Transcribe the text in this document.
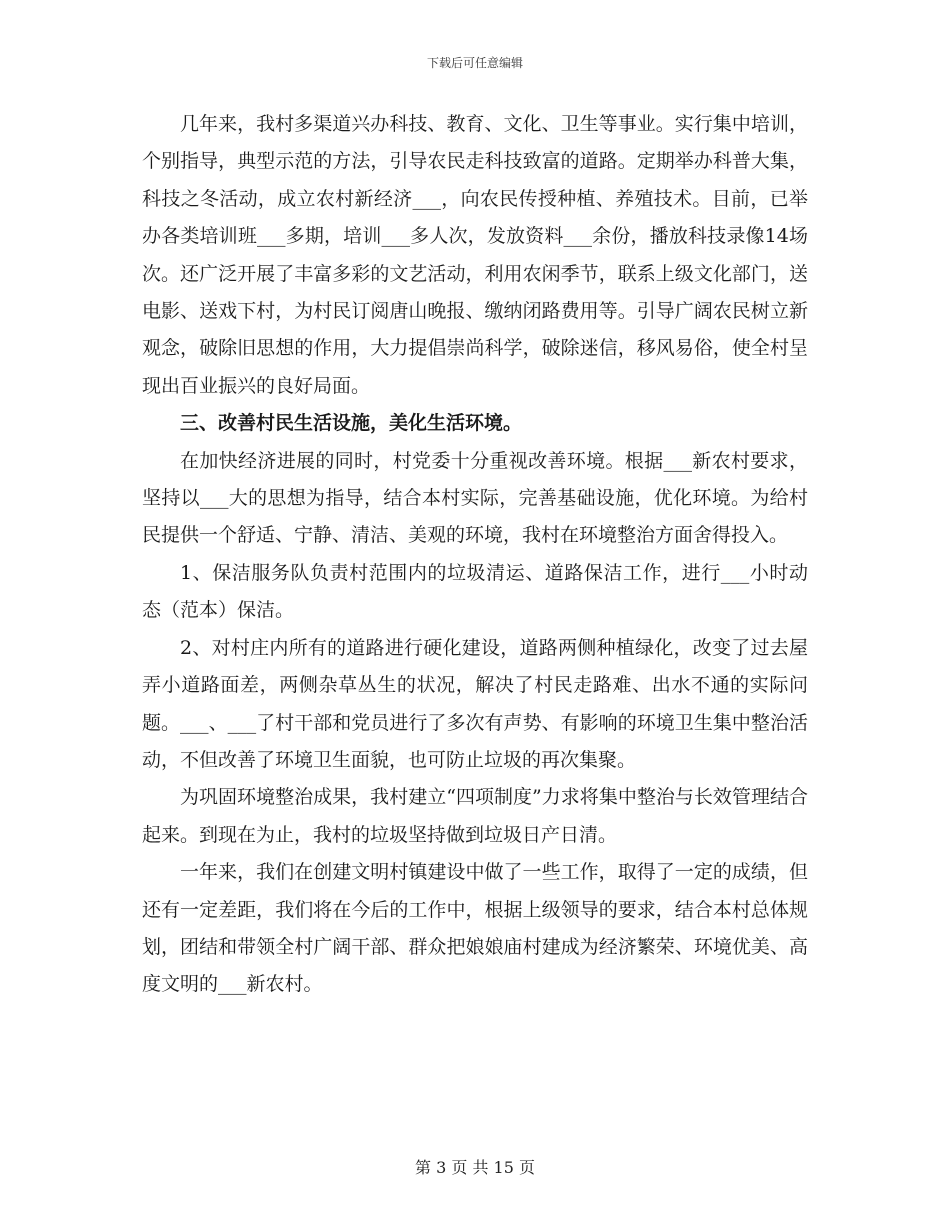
下载后可任意编辑

几年来，我村多渠道兴办科技、教育、文化、卫生等事业。实行集中培训，个别指导，典型示范的方法，引导农民走科技致富的道路。定期举办科普大集，科技之冬活动，成立农村新经济___，向农民传授种植、养殖技术。目前，已举办各类培训班___多期，培训___多人次，发放资料___余份，播放科技录像14场次。还广泛开展了丰富多彩的文艺活动，利用农闲季节，联系上级文化部门，送电影、送戏下村，为村民订阅唐山晚报、缴纳闭路费用等。引导广阔农民树立新观念，破除旧思想的作用，大力提倡崇尚科学，破除迷信，移风易俗，使全村呈现出百业振兴的良好局面。

三、改善村民生活设施，美化生活环境。

在加快经济进展的同时，村党委十分重视改善环境。根据___新农村要求，坚持以___大的思想为指导，结合本村实际，完善基础设施，优化环境。为给村民提供一个舒适、宁静、清洁、美观的环境，我村在环境整治方面舍得投入。

1、保洁服务队负责村范围内的垃圾清运、道路保洁工作，进行___小时动态（范本）保洁。

2、对村庄内所有的道路进行硬化建设，道路两侧种植绿化，改变了过去屋弄小道路面差，两侧杂草丛生的状况，解决了村民走路难、出水不通的实际问题。___、___了村干部和党员进行了多次有声势、有影响的环境卫生集中整治活动，不但改善了环境卫生面貌，也可防止垃圾的再次集聚。

为巩固环境整治成果，我村建立“四项制度”力求将集中整治与长效管理结合起来。到现在为止，我村的垃圾坚持做到垃圾日产日清。

一年来，我们在创建文明村镇建设中做了一些工作，取得了一定的成绩，但还有一定差距，我们将在今后的工作中，根据上级领导的要求，结合本村总体规划，团结和带领全村广阔干部、群众把娘娘庙村建成为经济繁荣、环境优美、高度文明的___新农村。

第 3 页 共 15 页
